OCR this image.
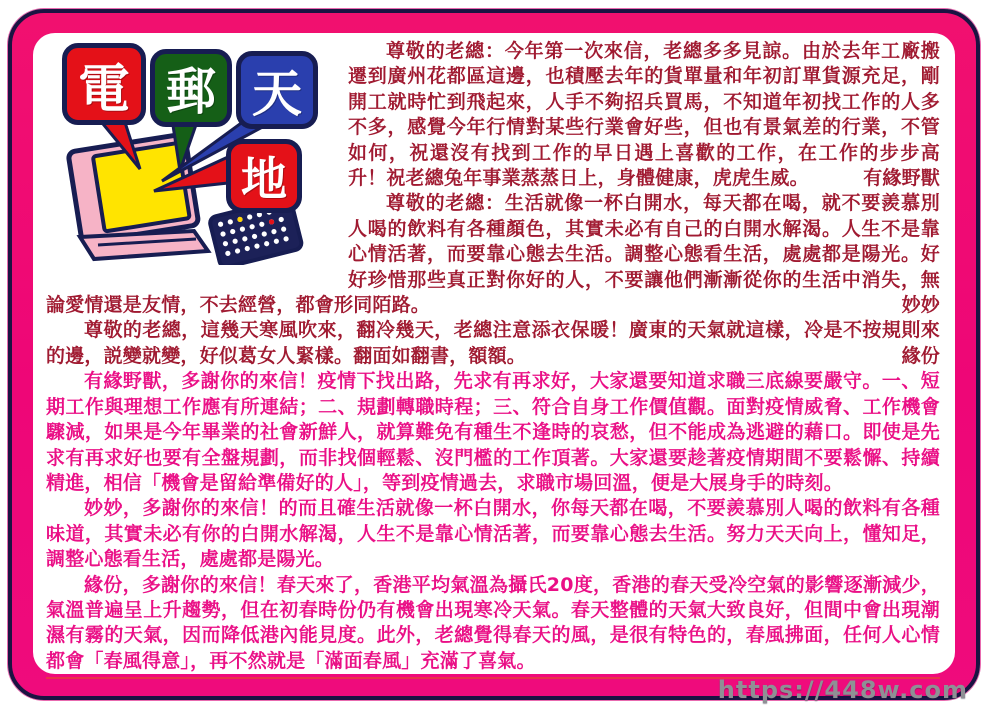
電 郵 天
地

尊敬的老總：今年第一次來信，老總多多見諒。由於去年工廠搬遷到廣州花都區這邊，也積壓去年的貨單量和年初訂單貨源充足，剛開工就時忙到飛起來，人手不夠招兵買馬，不知道年初找工作的人多不多，感覺今年行情對某些行業會好些，但也有景氣差的行業，不管如何，祝還沒有找到工作的早日遇上喜歡的工作，在工作的步步高升！祝老總兔年事業蒸蒸日上，身體健康，虎虎生威。	有緣野獸

尊敬的老總：生活就像一杯白開水，每天都在喝，就不要羨慕別人喝的飲料有各種顏色，其實未必有自己的白開水解渴。人生不是靠心情活著，而要靠心態去生活。調整心態看生活，處處都是陽光。好好珍惜那些真正對你好的人，不要讓他們漸漸從你的生活中消失，無論愛情還是友情，不去經營，都會形同陌路。	妙妙

尊敬的老總，這幾天寒風吹來，翻冷幾天，老總注意添衣保暖！廣東的天氣就這樣，冷是不按規則來的邊，説變就變，好似葛女人緊樣。翻面如翻書，額額。	緣份

有緣野獸，多謝你的來信！疫情下找出路，先求有再求好，大家還要知道求職三底線要嚴守。一、短期工作與理想工作應有所連結；二、規劃轉職時程；三、符合自身工作價值觀。面對疫情威脅、工作機會驟減，如果是今年畢業的社會新鮮人，就算難免有種生不逢時的哀愁，但不能成為逃避的藉口。即使是先求有再求好也要有全盤規劃，而非找個輕鬆、沒門檻的工作頂著。大家還要趁著疫情期間不要鬆懈、持續精進，相信「機會是留給準備好的人」，等到疫情過去，求職市場回溫，便是大展身手的時刻。

妙妙，多謝你的來信！的而且確生活就像一杯白開水，你每天都在喝，不要羨慕別人喝的飲料有各種味道，其實未必有你的白開水解渴，人生不是靠心情活著，而要靠心態去生活。努力天天向上，懂知足，調整心態看生活，處處都是陽光。

緣份，多謝你的來信！春天來了，香港平均氣溫為攝氏20度，香港的春天受冷空氣的影響逐漸減少，氣溫普遍呈上升趨勢，但在初春時份仍有機會出現寒冷天氣。春天整體的天氣大致良好，但間中會出現潮濕有霧的天氣，因而降低港內能見度。此外，老總覺得春天的風，是很有特色的，春風拂面，任何人心情都會「春風得意」，再不然就是「滿面春風」充滿了喜氣。

https://448w.com
